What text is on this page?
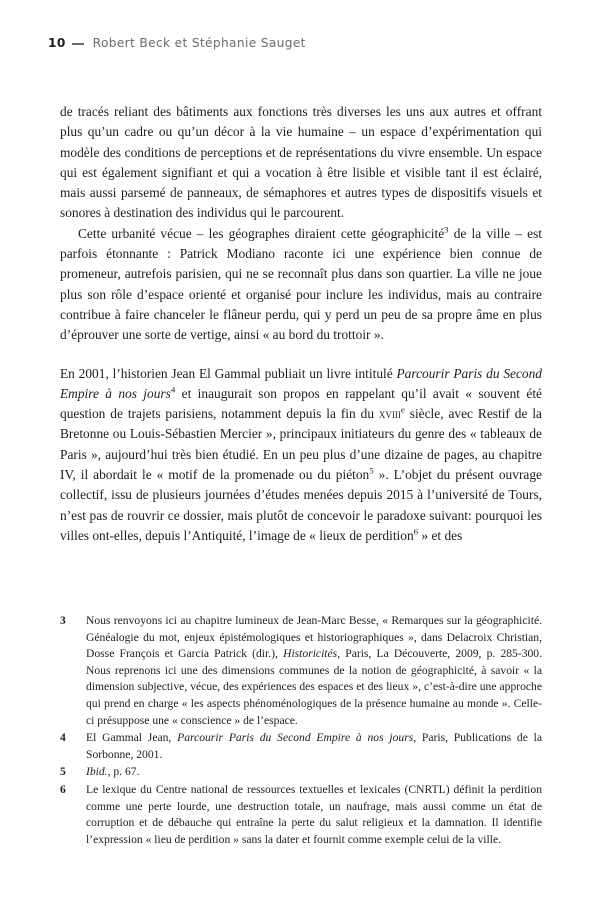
10 Robert Beck et Stéphanie Sauget

de tracés reliant des bâtiments aux fonctions très diverses les uns aux autres et offrant plus qu’un cadre ou qu’un décor à la vie humaine – un espace d’expérimentation qui modèle des conditions de perceptions et de représentations du vivre ensemble. Un espace qui est également signifiant et qui a vocation à être lisible et visible tant il est éclairé, mais aussi parsemé de panneaux, de sémaphores et autres types de dispositifs visuels et sonores à destination des individus qui le parcourent.

Cette urbanité vécue – les géographes diraient cette géographicité$^3$ de la ville – est parfois étonnante : Patrick Modiano raconte ici une expérience bien connue de promeneur, autrefois parisien, qui ne se reconnaît plus dans son quartier. La ville ne joue plus son rôle d’espace orienté et organisé pour inclure les individus, mais au contraire contribue à faire chanceler le flâneur perdu, qui y perd un peu de sa propre âme en plus d’éprouver une sorte de vertige, ainsi « au bord du trottoir ».

En 2001, l’historien Jean El Gammal publiait un livre intitulé Parcourir Paris du Second Empire à nos jours$^4$ et inaugurait son propos en rappelant qu’il avait « souvent été question de trajets parisiens, notamment depuis la fin du xviii$^e$ siècle, avec Restif de la Bretonne ou Louis-Sébastien Mercier », principaux initiateurs du genre des « tableaux de Paris », aujourd’hui très bien étudié. En un peu plus d’une dizaine de pages, au chapitre IV, il abordait le « motif de la promenade ou du piéton$^5$ ». L’objet du présent ouvrage collectif, issu de plusieurs journées d’études menées depuis 2015 à l’université de Tours, n’est pas de rouvrir ce dossier, mais plutôt de concevoir le paradoxe suivant: pourquoi les villes ont-elles, depuis l’Antiquité, l’image de « lieux de perdition$^6$ » et des

3	Nous renvoyons ici au chapitre lumineux de Jean-Marc Besse, « Remarques sur la géographicité. Généalogie du mot, enjeux épistémologiques et historiographiques », dans Delacroix Christian, Dosse François et Garcia Patrick (dir.), Historicités, Paris, La Découverte, 2009, p. 285-300. Nous reprenons ici une des dimensions communes de la notion de géographicité, à savoir « la dimension subjective, vécue, des expériences des espaces et des lieux », c’est-à-dire une approche qui prend en charge « les aspects phénoménologiques de la présence humaine au monde ». Celle-ci présuppose une « conscience » de l’espace.
4	El Gammal Jean, Parcourir Paris du Second Empire à nos jours, Paris, Publications de la Sorbonne, 2001.
5	Ibid., p. 67.
6	Le lexique du Centre national de ressources textuelles et lexicales (CNRTL) définit la perdition comme une perte lourde, une destruction totale, un naufrage, mais aussi comme un état de corruption et de débauche qui entraîne la perte du salut religieux et la damnation. Il identifie l’expression « lieu de perdition » sans la dater et fournit comme exemple celui de la ville.
